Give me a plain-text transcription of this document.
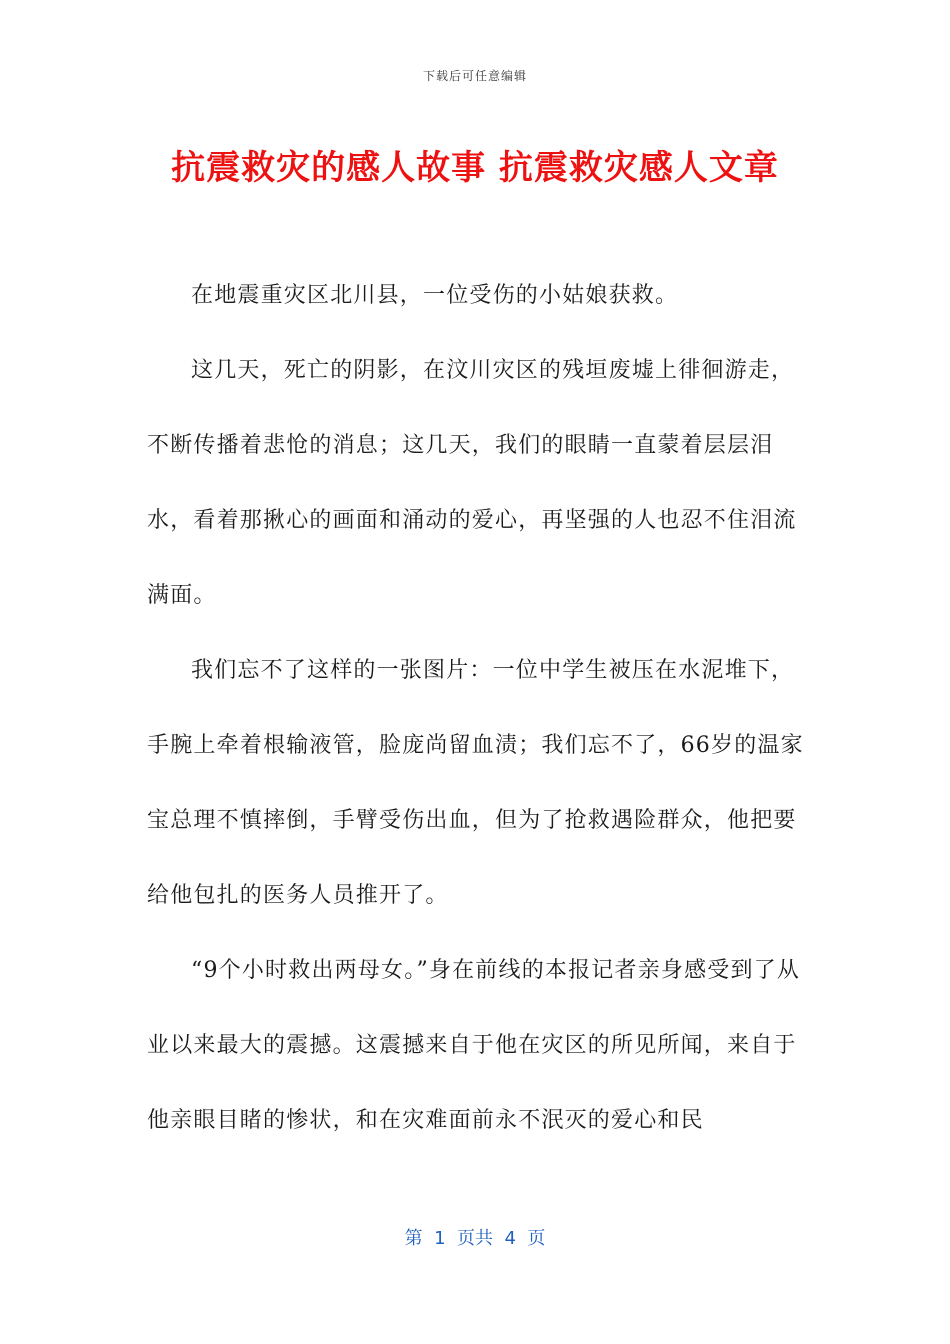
下载后可任意编辑
抗震救灾的感人故事 抗震救灾感人文章

在地震重灾区北川县，一位受伤的小姑娘获救。

这几天，死亡的阴影，在汶川灾区的残垣废墟上徘徊游走，不断传播着悲怆的消息；这几天，我们的眼睛一直蒙着层层泪水，看着那揪心的画面和涌动的爱心，再坚强的人也忍不住泪流满面。

我们忘不了这样的一张图片：一位中学生被压在水泥堆下，手腕上牵着根输液管，脸庞尚留血渍；我们忘不了，66岁的温家宝总理不慎摔倒，手臂受伤出血，但为了抢救遇险群众，他把要给他包扎的医务人员推开了。

“9个小时救出两母女。”身在前线的本报记者亲身感受到了从业以来最大的震撼。这震撼来自于他在灾区的所见所闻，来自于他亲眼目睹的惨状，和在灾难面前永不泯灭的爱心和民

第  1  页共  4  页
